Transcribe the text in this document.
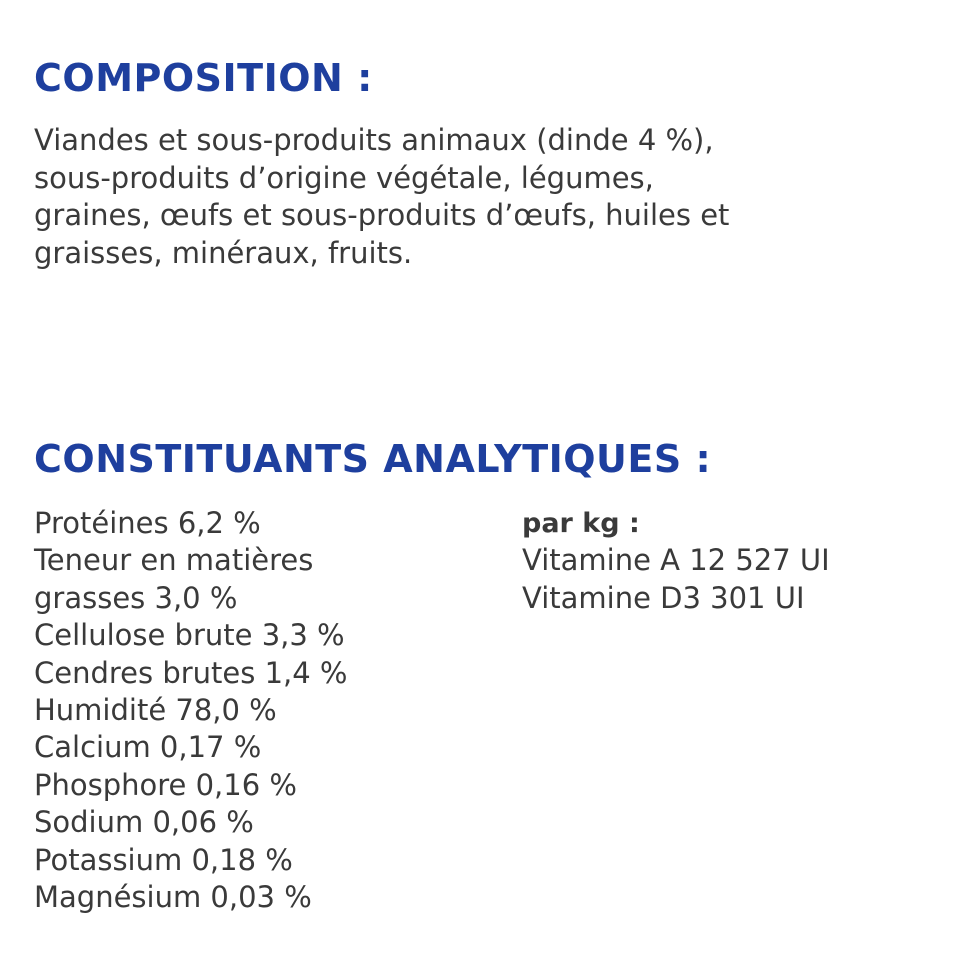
COMPOSITION :

Viandes et sous-produits animaux (dinde 4 %),
sous-produits d’origine végétale, légumes,
graines, œufs et sous-produits d’œufs, huiles et
graisses, minéraux, fruits.

CONSTITUANTS ANALYTIQUES :
Protéines 6,2 %
Teneur en matières
grasses 3,0 %
Cellulose brute 3,3 %
Cendres brutes 1,4 %
Humidité 78,0 %
Calcium 0,17 %
Phosphore 0,16 %
Sodium 0,06 %
Potassium 0,18 %
Magnésium 0,03 %
par kg :
Vitamine A 12 527 UI
Vitamine D3 301 UI
